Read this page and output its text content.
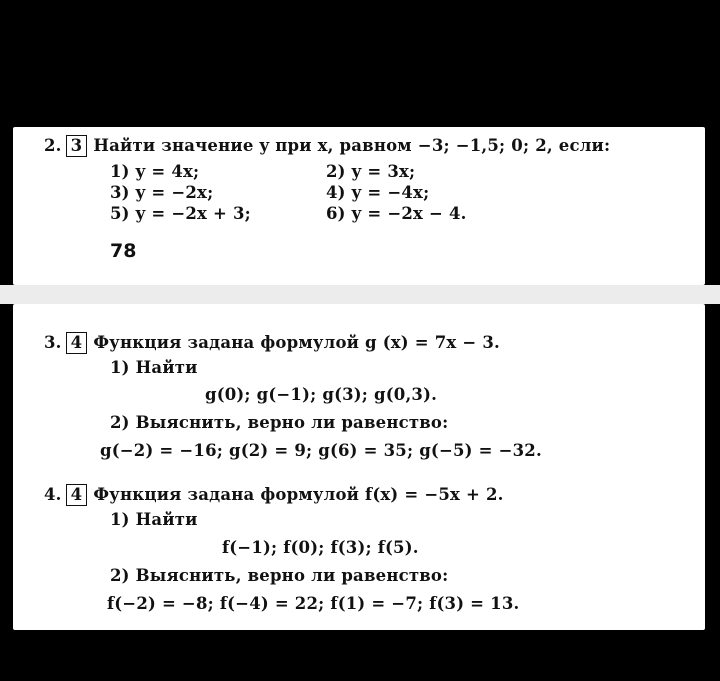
2. 3 Найти значение y при x, равном −3; −1,5; 0; 2, если:
1) y = 4x;	2) y = 3x;
3) y = −2x;	4) y = −4x;
5) y = −2x + 3;	6) y = −2x − 4.
78
3. 4 Функция задана формулой g (x) = 7x − 3.
1) Найти
g(0); g(−1); g(3); g(0,3).
2) Выяснить, верно ли равенство:
g(−2) = −16; g(2) = 9; g(6) = 35; g(−5) = −32.
4. 4 Функция задана формулой f(x) = −5x + 2.
1) Найти
f(−1); f(0); f(3); f(5).
2) Выяснить, верно ли равенство:
f(−2) = −8; f(−4) = 22; f(1) = −7; f(3) = 13.
